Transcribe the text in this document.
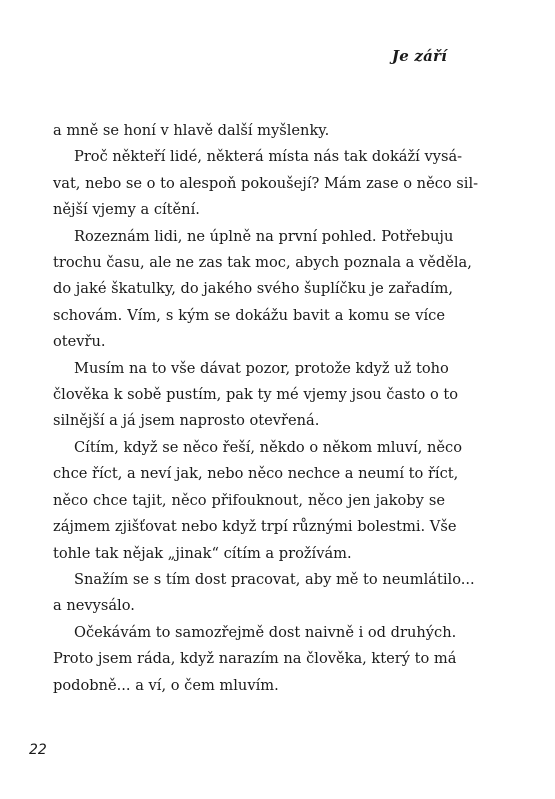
Je září

a mně se honí v hlavě další myšlenky.

Proč někteří lidé, některá místa nás tak dokáží vysá-
vat, nebo se o to alespoň pokoušejí? Mám zase o něco sil-
nější vjemy a cítění.

Rozeznám lidi, ne úplně na první pohled. Potřebuju
trochu času, ale ne zas tak moc, abych poznala a věděla,
do jaké škatulky, do jakého svého šuplíčku je zařadím,
schovám. Vím, s kým se dokážu bavit a komu se více
otevřu.

Musím na to vše dávat pozor, protože když už toho
člověka k sobě pustím, pak ty mé vjemy jsou často o to
silnější a já jsem naprosto otevřená.

Cítím, když se něco řeší, někdo o někom mluví, něco
chce říct, a neví jak, nebo něco nechce a neumí to říct,
něco chce tajit, něco přifouknout, něco jen jakoby se
zájmem zjišťovat nebo když trpí různými bolestmi. Vše
tohle tak nějak „jinak“ cítím a prožívám.

Snažím se s tím dost pracovat, aby mě to neumlátilo...
a nevysálo.

Očekávám to samozřejmě dost naivně i od druhých.
Proto jsem ráda, když narazím na člověka, který to má
podobně... a ví, o čem mluvím.

22
